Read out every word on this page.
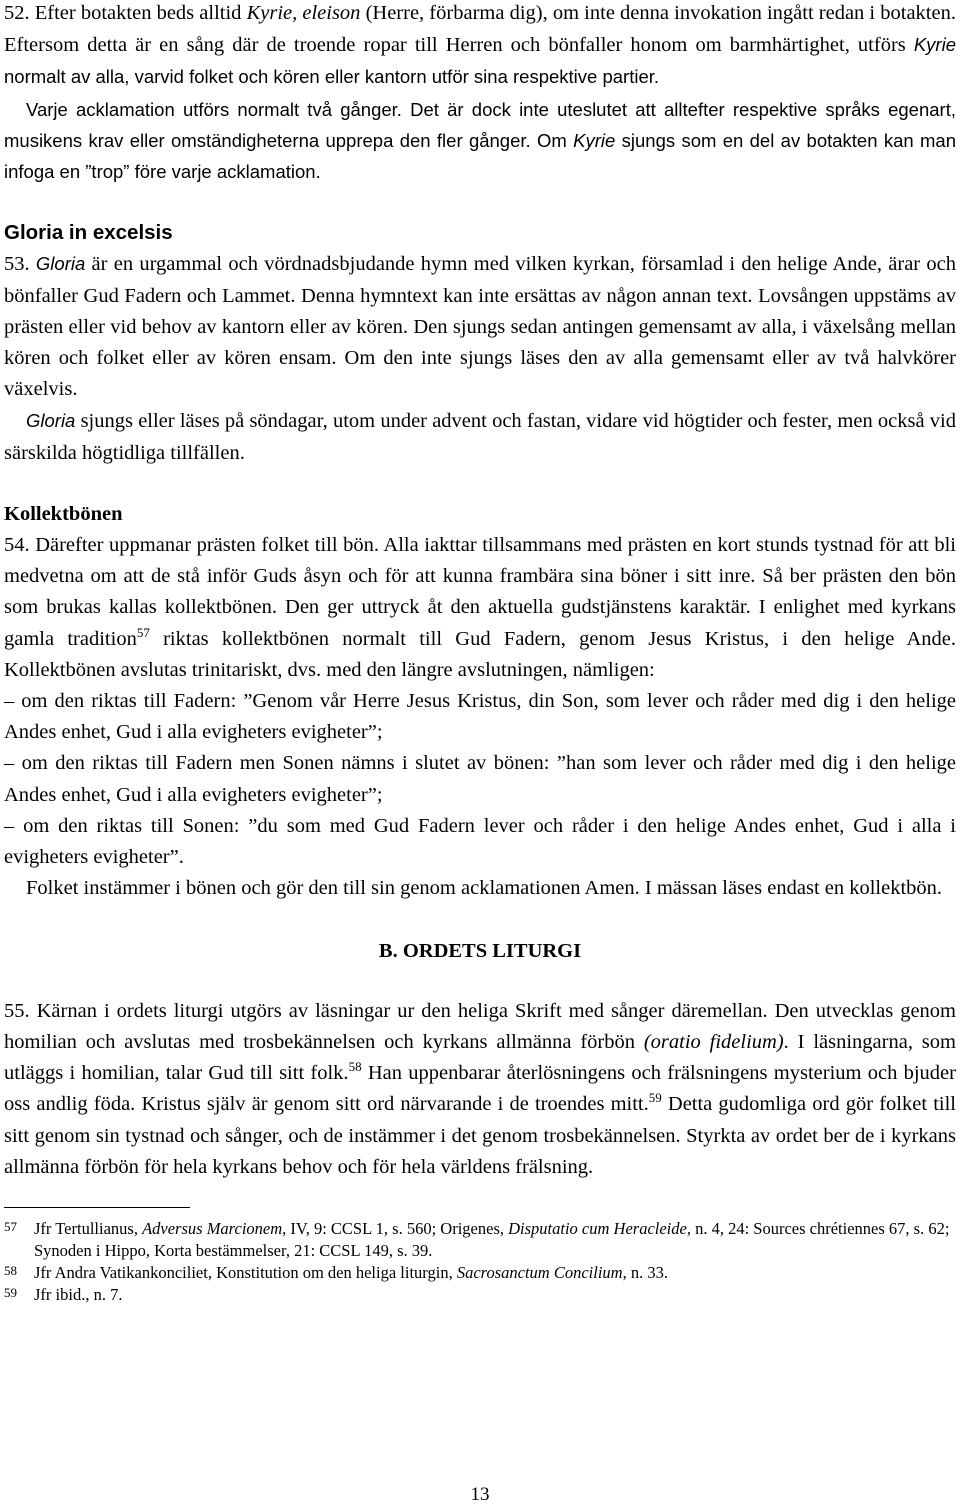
52. Efter botakten beds alltid Kyrie, eleison (Herre, förbarma dig), om inte denna invokation ingått redan i botakten. Eftersom detta är en sång där de troende ropar till Herren och bönfaller honom om barmhärtighet, utförs Kyrie normalt av alla, varvid folket och kören eller kantorn utför sina respektive partier.

Varje acklamation utförs normalt två gånger. Det är dock inte uteslutet att alltefter respektive språks egenart, musikens krav eller omständigheterna upprepa den fler gånger. Om Kyrie sjungs som en del av botakten kan man infoga en ”trop” före varje acklamation.

Gloria in excelsis

53. Gloria är en urgammal och vördnadsbjudande hymn med vilken kyrkan, församlad i den helige Ande, ärar och bönfaller Gud Fadern och Lammet. Denna hymntext kan inte ersättas av någon annan text. Lovsången uppstäms av prästen eller vid behov av kantorn eller av kören. Den sjungs sedan antingen gemensamt av alla, i växelsång mellan kören och folket eller av kören ensam. Om den inte sjungs läses den av alla gemensamt eller av två halvkörer växelvis.

Gloria sjungs eller läses på söndagar, utom under advent och fastan, vidare vid högtider och fester, men också vid särskilda högtidliga tillfällen.

Kollektbönen

54. Därefter uppmanar prästen folket till bön. Alla iakttar tillsammans med prästen en kort stunds tystnad för att bli medvetna om att de stå inför Guds åsyn och för att kunna frambära sina böner i sitt inre. Så ber prästen den bön som brukas kallas kollektbönen. Den ger uttryck åt den aktuella gudstjänstens karaktär. I enlighet med kyrkans gamla tradition$^{57}$ riktas kollektbönen normalt till Gud Fadern, genom Jesus Kristus, i den helige Ande. Kollektbönen avslutas trinitariskt, dvs. med den längre avslutningen, nämligen:

– om den riktas till Fadern: ”Genom vår Herre Jesus Kristus, din Son, som lever och råder med dig i den helige Andes enhet, Gud i alla evigheters evigheter”;

– om den riktas till Fadern men Sonen nämns i slutet av bönen: ”han som lever och råder med dig i den helige Andes enhet, Gud i alla evigheters evigheter”;

– om den riktas till Sonen: ”du som med Gud Fadern lever och råder i den helige Andes enhet, Gud i alla i evigheters evigheter”.

Folket instämmer i bönen och gör den till sin genom acklamationen Amen. I mässan läses endast en kollektbön.

B. ORDETS LITURGI

55. Kärnan i ordets liturgi utgörs av läsningar ur den heliga Skrift med sånger däremellan. Den utvecklas genom homilian och avslutas med trosbekännelsen och kyrkans allmänna förbön (oratio fidelium). I läsningarna, som utläggs i homilian, talar Gud till sitt folk.$^{58}$ Han uppenbarar återlösningens och frälsningens mysterium och bjuder oss andlig föda. Kristus själv är genom sitt ord närvarande i de troendes mitt.$^{59}$ Detta gudomliga ord gör folket till sitt genom sin tystnad och sånger, och de instämmer i det genom trosbekännelsen. Styrkta av ordet ber de i kyrkans allmänna förbön för hela kyrkans behov och för hela världens frälsning.

57 Jfr Tertullianus, Adversus Marcionem, IV, 9: CCSL 1, s. 560; Origenes, Disputatio cum Heracleide, n. 4, 24: Sources chrétiennes 67, s. 62; Synoden i Hippo, Korta bestämmelser, 21: CCSL 149, s. 39.

58 Jfr Andra Vatikankonciliet, Konstitution om den heliga liturgin, Sacrosanctum Concilium, n. 33.

59 Jfr ibid., n. 7.

13
